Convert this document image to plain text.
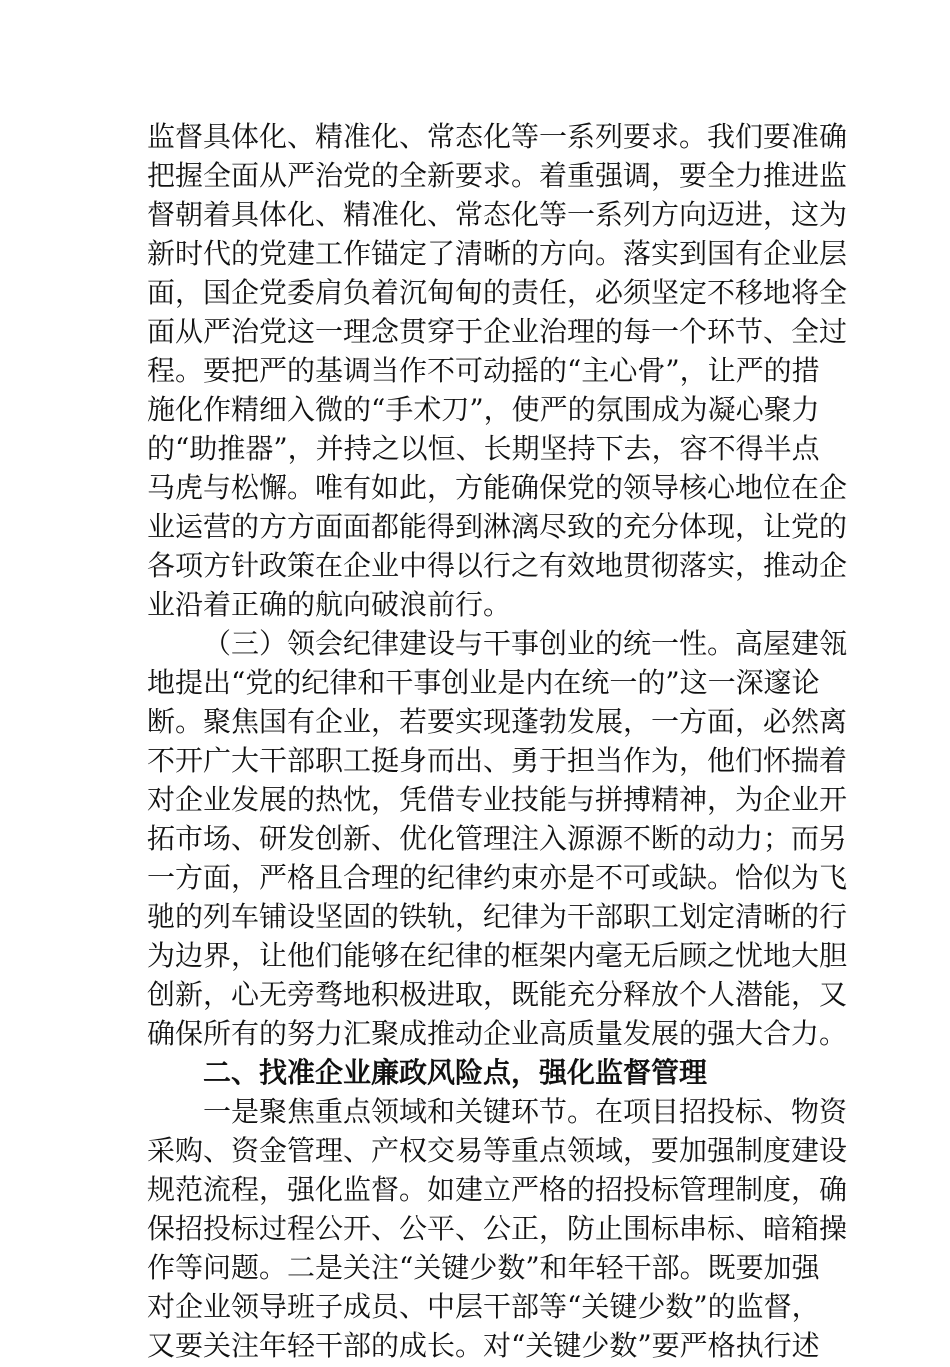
监督具体化、精准化、常态化等一系列要求。我们要准确
把握全面从严治党的全新要求。着重强调，要全力推进监
督朝着具体化、精准化、常态化等一系列方向迈进，这为
新时代的党建工作锚定了清晰的方向。落实到国有企业层
面，国企党委肩负着沉甸甸的责任，必须坚定不移地将全
面从严治党这一理念贯穿于企业治理的每一个环节、全过
程。要把严的基调当作不可动摇的“主心骨”，让严的措
施化作精细入微的“手术刀”，使严的氛围成为凝心聚力
的“助推器”，并持之以恒、长期坚持下去，容不得半点
马虎与松懈。唯有如此，方能确保党的领导核心地位在企
业运营的方方面面都能得到淋漓尽致的充分体现，让党的
各项方针政策在企业中得以行之有效地贯彻落实，推动企
业沿着正确的航向破浪前行。
（三）领会纪律建设与干事创业的统一性。高屋建瓴
地提出“党的纪律和干事创业是内在统一的”这一深邃论
断。聚焦国有企业，若要实现蓬勃发展，一方面，必然离
不开广大干部职工挺身而出、勇于担当作为，他们怀揣着
对企业发展的热忱，凭借专业技能与拼搏精神，为企业开
拓市场、研发创新、优化管理注入源源不断的动力；而另
一方面，严格且合理的纪律约束亦是不可或缺。恰似为飞
驰的列车铺设坚固的铁轨，纪律为干部职工划定清晰的行
为边界，让他们能够在纪律的框架内毫无后顾之忧地大胆
创新，心无旁骛地积极进取，既能充分释放个人潜能，又
确保所有的努力汇聚成推动企业高质量发展的强大合力。
二、找准企业廉政风险点，强化监督管理
一是聚焦重点领域和关键环节。在项目招投标、物资
采购、资金管理、产权交易等重点领域，要加强制度建设
规范流程，强化监督。如建立严格的招投标管理制度，确
保招投标过程公开、公平、公正，防止围标串标、暗箱操
作等问题。二是关注“关键少数”和年轻干部。既要加强
对企业领导班子成员、中层干部等“关键少数”的监督，
又要关注年轻干部的成长。对“关键少数”要严格执行述
